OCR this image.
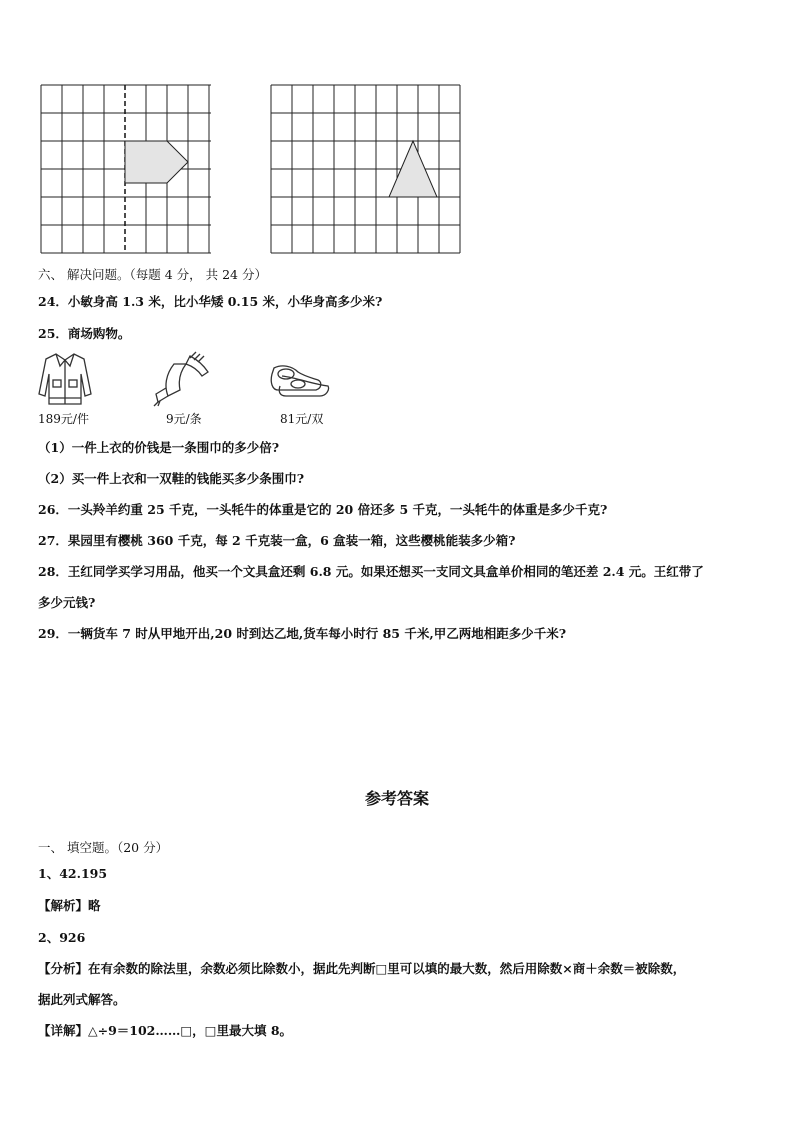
六、 解决问题。（每题 4 分， 共 24 分）
24．小敏身高 1.3 米，比小华矮 0.15 米，小华身高多少米?
25．商场购物。
189元/件	9元/条	81元/双
（1）一件上衣的价钱是一条围巾的多少倍?
（2）买一件上衣和一双鞋的钱能买多少条围巾?
26．一头羚羊约重 25 千克，一头牦牛的体重是它的 20 倍还多 5 千克，一头牦牛的体重是多少千克?
27．果园里有樱桃 360 千克，每 2 千克装一盒，6 盒装一箱，这些樱桃能装多少箱?
28．王红同学买学习用品，他买一个文具盒还剩 6.8 元。如果还想买一支同文具盒单价相同的笔还差 2.4 元。王红带了
多少元钱?
29．一辆货车 7 时从甲地开出,20 时到达乙地,货车每小时行 85 千米,甲乙两地相距多少千米?
参考答案
一、 填空题。（20 分）
1、42.195
【解析】略
2、926
【分析】在有余数的除法里，余数必须比除数小，据此先判断□里可以填的最大数，然后用除数×商＋余数＝被除数，
据此列式解答。
【详解】△÷9＝102……□，□里最大填 8。
